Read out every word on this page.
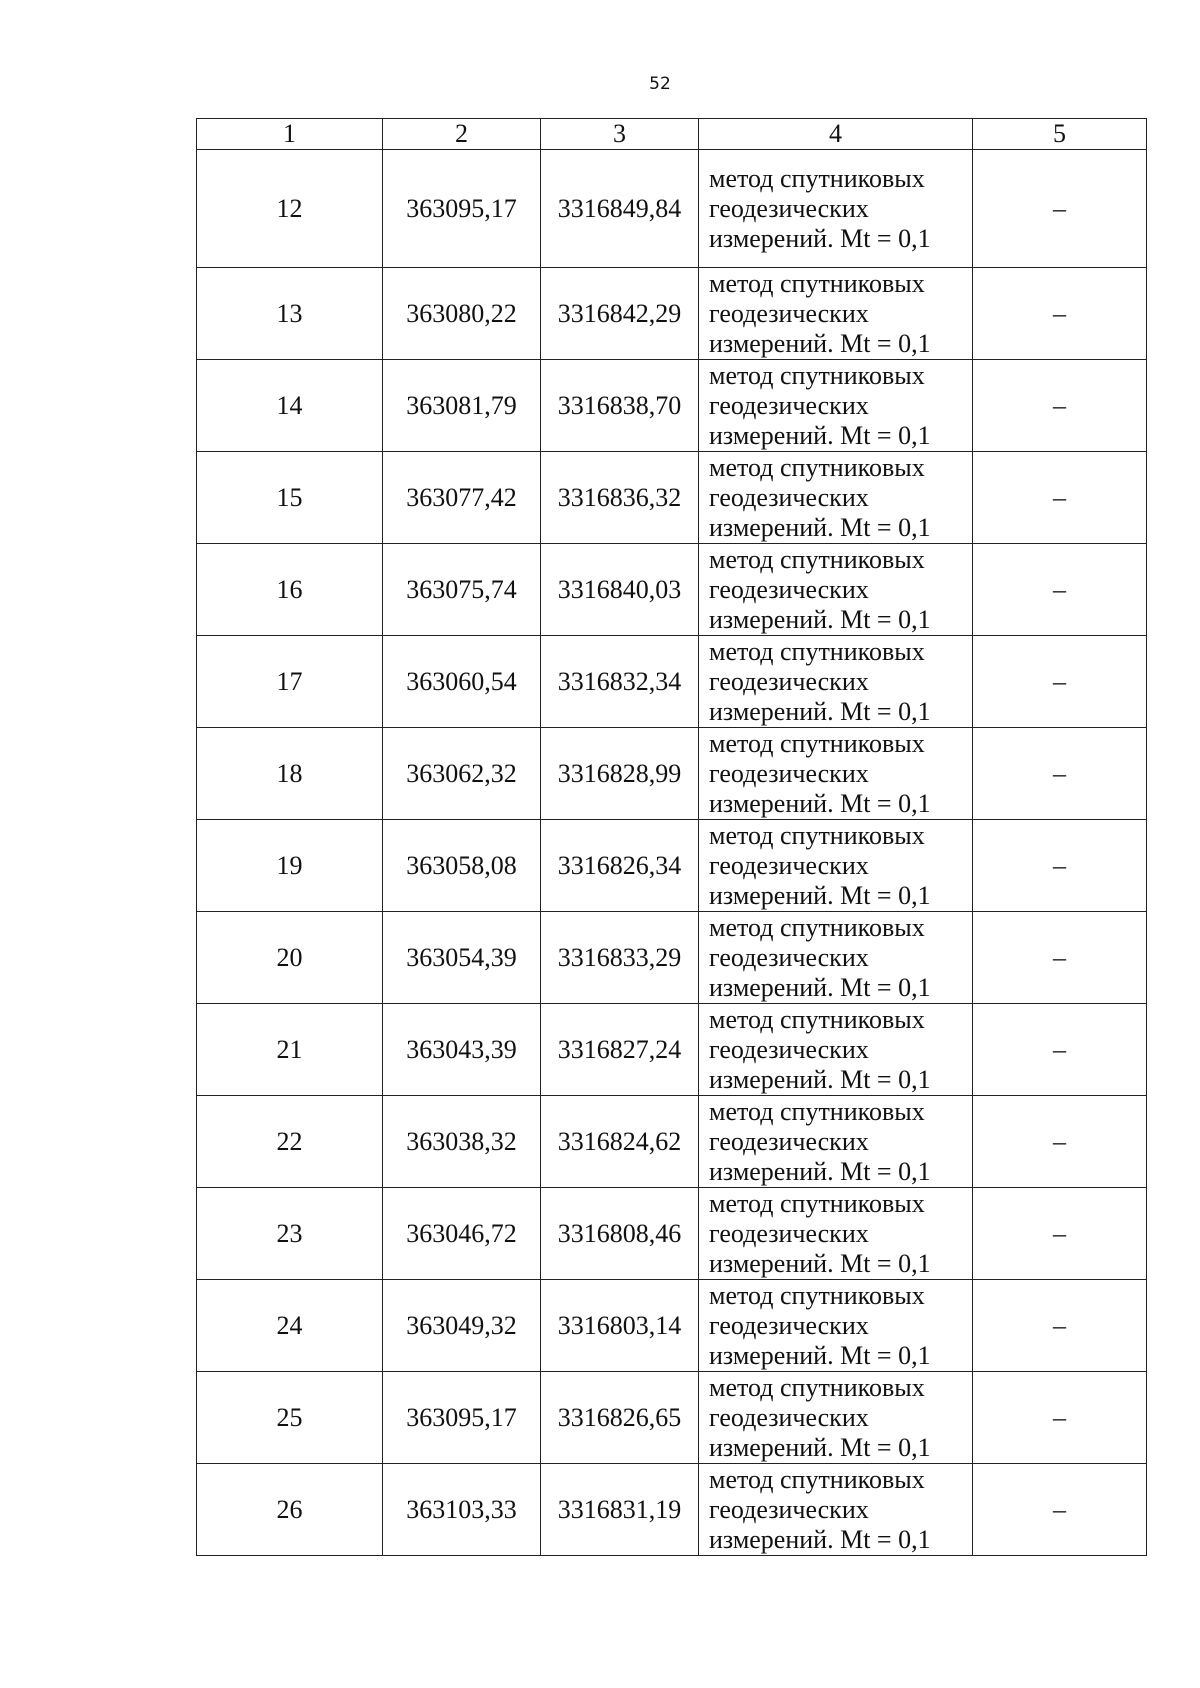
52
1	2	3	4	5
12	363095,17	3316849,84	метод спутниковых
геодезических
измерений. Mt = 0,1	–
13	363080,22	3316842,29	метод спутниковых
геодезических
измерений. Mt = 0,1	–
14	363081,79	3316838,70	метод спутниковых
геодезических
измерений. Mt = 0,1	–
15	363077,42	3316836,32	метод спутниковых
геодезических
измерений. Mt = 0,1	–
16	363075,74	3316840,03	метод спутниковых
геодезических
измерений. Mt = 0,1	–
17	363060,54	3316832,34	метод спутниковых
геодезических
измерений. Mt = 0,1	–
18	363062,32	3316828,99	метод спутниковых
геодезических
измерений. Mt = 0,1	–
19	363058,08	3316826,34	метод спутниковых
геодезических
измерений. Mt = 0,1	–
20	363054,39	3316833,29	метод спутниковых
геодезических
измерений. Mt = 0,1	–
21	363043,39	3316827,24	метод спутниковых
геодезических
измерений. Mt = 0,1	–
22	363038,32	3316824,62	метод спутниковых
геодезических
измерений. Mt = 0,1	–
23	363046,72	3316808,46	метод спутниковых
геодезических
измерений. Mt = 0,1	–
24	363049,32	3316803,14	метод спутниковых
геодезических
измерений. Mt = 0,1	–
25	363095,17	3316826,65	метод спутниковых
геодезических
измерений. Mt = 0,1	–
26	363103,33	3316831,19	метод спутниковых
геодезических
измерений. Mt = 0,1	–
